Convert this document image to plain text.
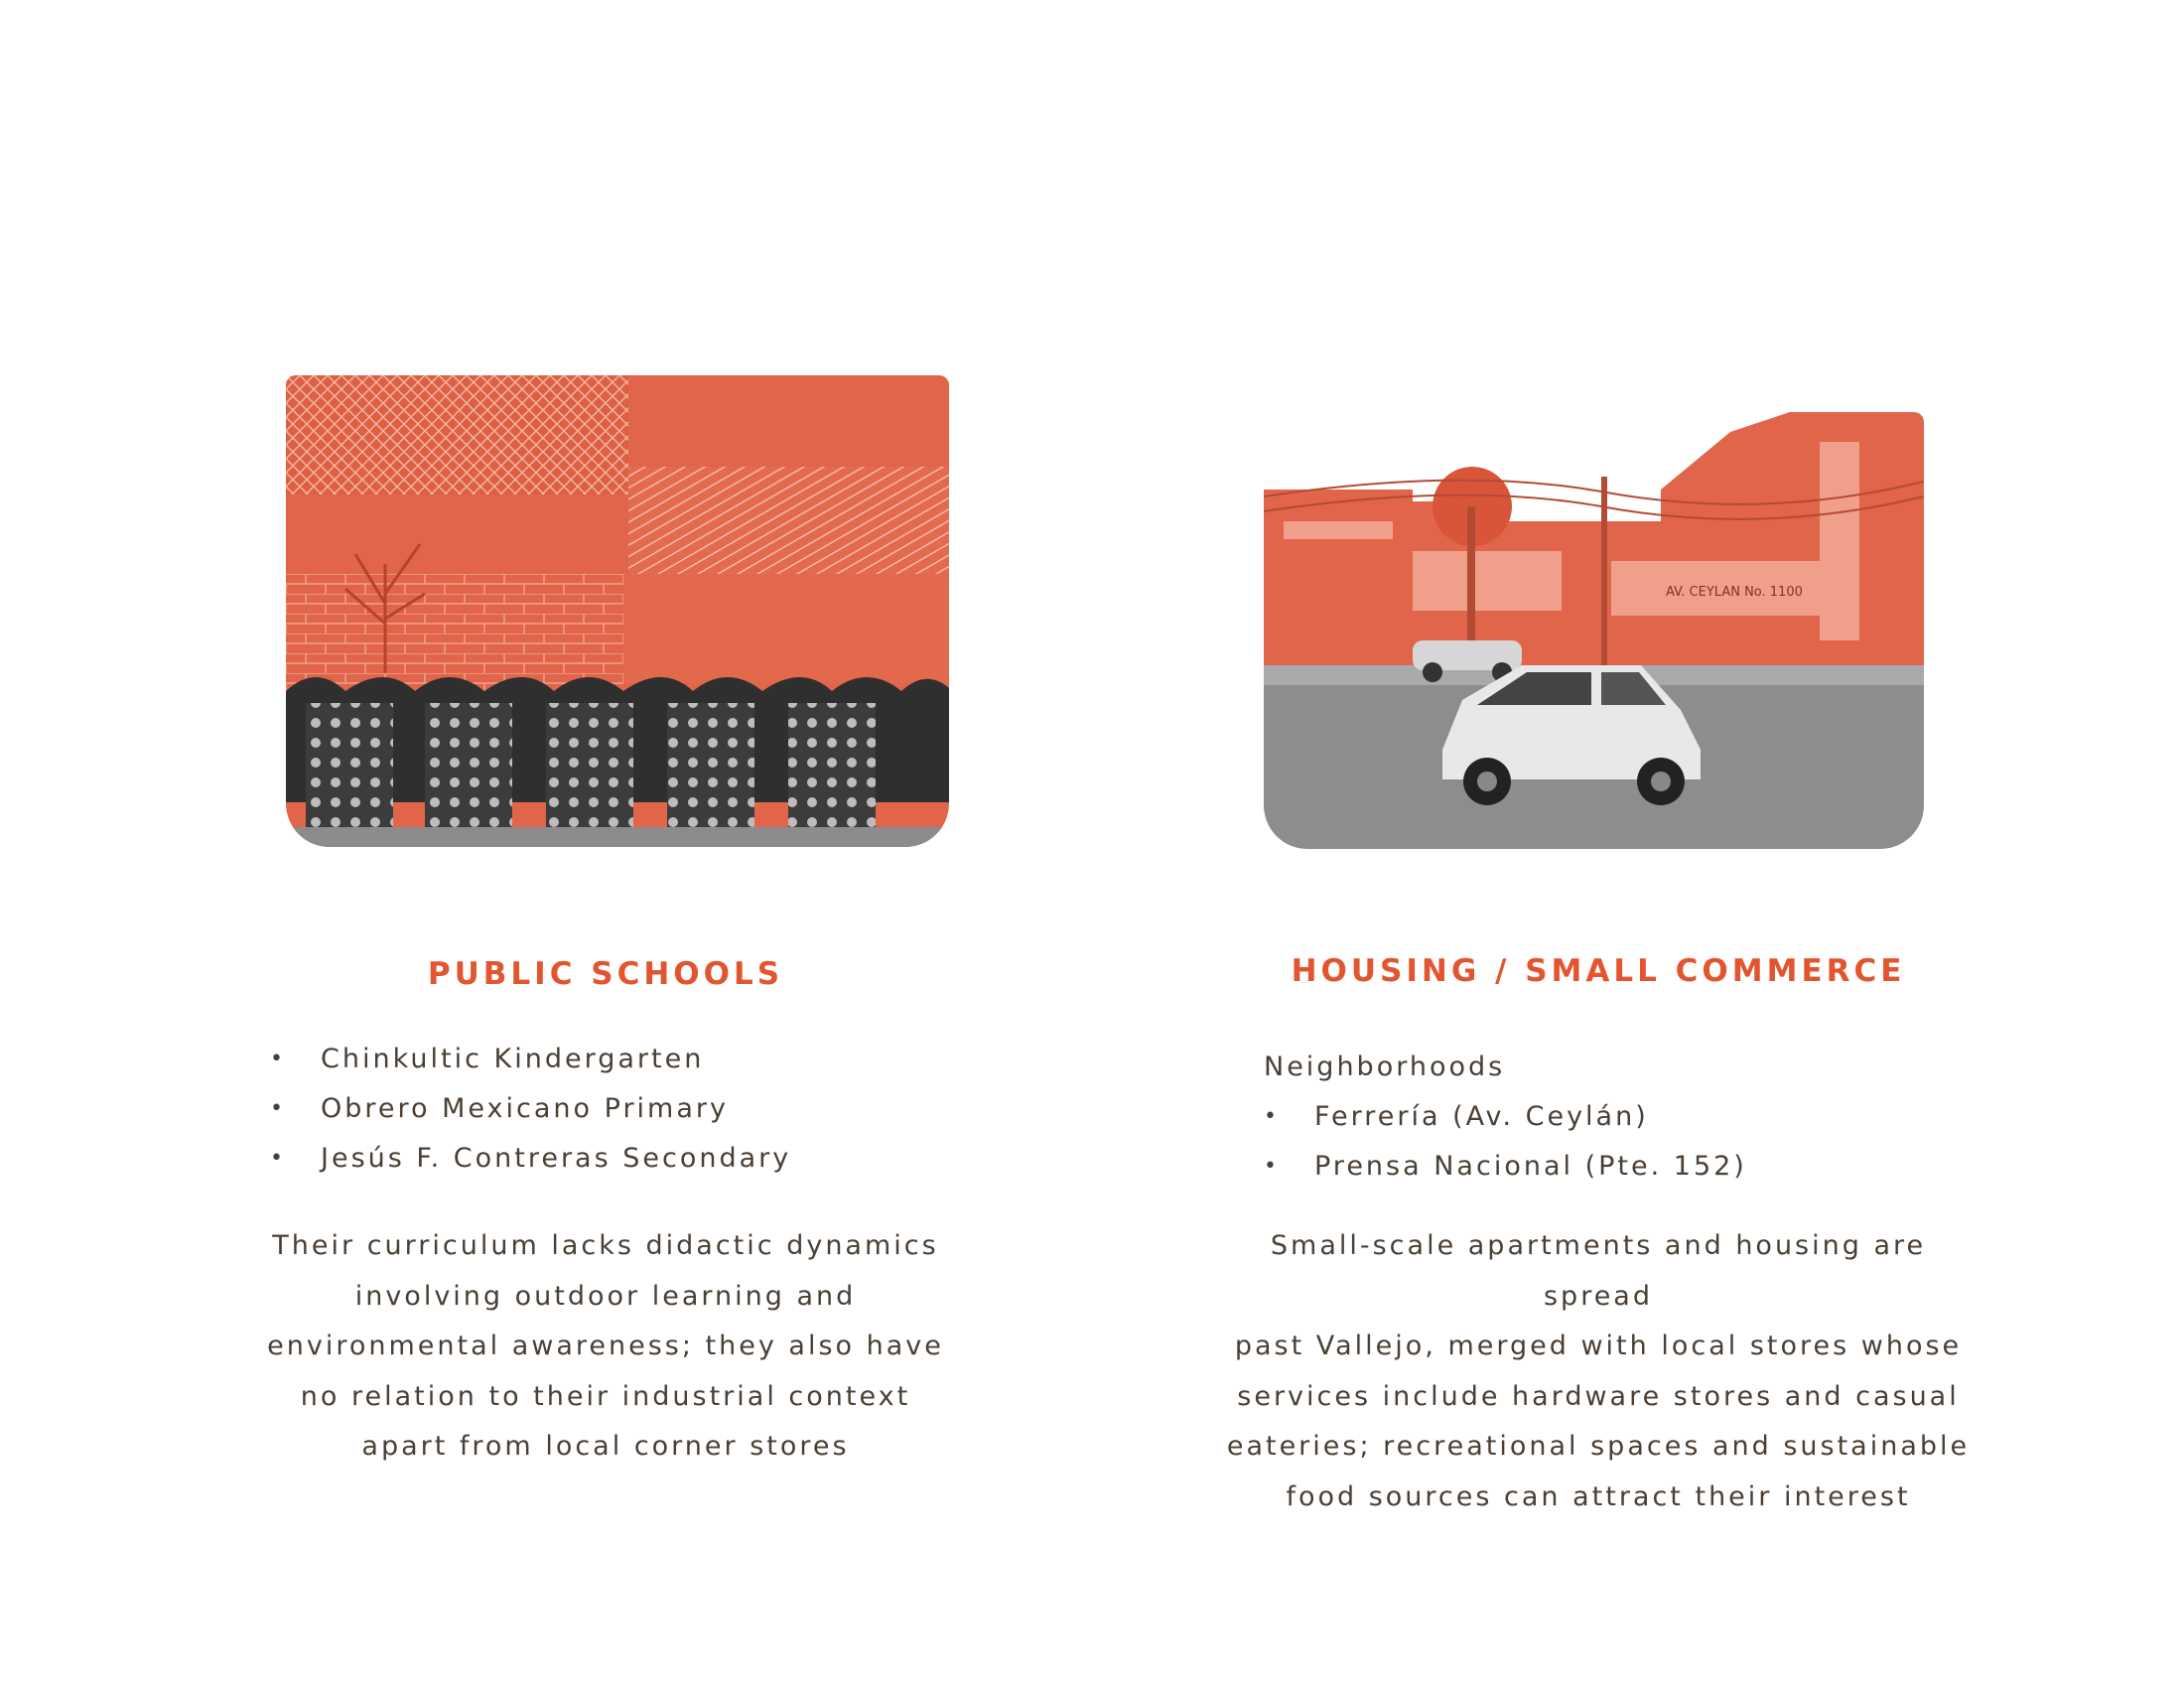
PUBLIC SCHOOLS
• Chinkultic Kindergarten
• Obrero Mexicano Primary
• Jesús F. Contreras Secondary
Their curriculum lacks didactic dynamics
involving outdoor learning and
environmental awareness; they also have
no relation to their industrial context
apart from local corner stores
AV. CEYLAN No. 1100
HOUSING / SMALL COMMERCE
Neighborhoods
• Ferrería (Av. Ceylán)
• Prensa Nacional (Pte. 152)
Small-scale apartments and housing are spread
past Vallejo, merged with local stores whose
services include hardware stores and casual
eateries; recreational spaces and sustainable
food sources can attract their interest
